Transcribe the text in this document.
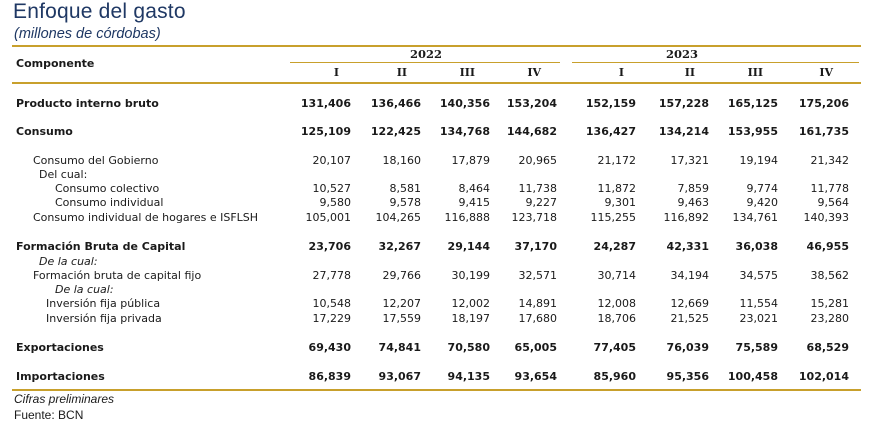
Enfoque del gasto
(millones de córdobas)
Componente
2022	2023
I	II	III	IV	I	II	III	IV
Producto interno bruto	131,406	136,466	140,356	153,204	152,159	157,228	165,125	175,206
Consumo	125,109	122,425	134,768	144,682	136,427	134,214	153,955	161,735
Consumo del Gobierno	20,107	18,160	17,879	20,965	21,172	17,321	19,194	21,342
Del cual:
Consumo colectivo	10,527	8,581	8,464	11,738	11,872	7,859	9,774	11,778
Consumo individual	9,580	9,578	9,415	9,227	9,301	9,463	9,420	9,564
Consumo individual de hogares e ISFLSH	105,001	104,265	116,888	123,718	115,255	116,892	134,761	140,393
Formación Bruta de Capital	23,706	32,267	29,144	37,170	24,287	42,331	36,038	46,955
De la cual:
Formación bruta de capital fijo	27,778	29,766	30,199	32,571	30,714	34,194	34,575	38,562
De la cual:
Inversión fija pública	10,548	12,207	12,002	14,891	12,008	12,669	11,554	15,281
Inversión fija privada	17,229	17,559	18,197	17,680	18,706	21,525	23,021	23,280
Exportaciones	69,430	74,841	70,580	65,005	77,405	76,039	75,589	68,529
Importaciones	86,839	93,067	94,135	93,654	85,960	95,356	100,458	102,014
Cifras preliminares
Fuente: BCN
